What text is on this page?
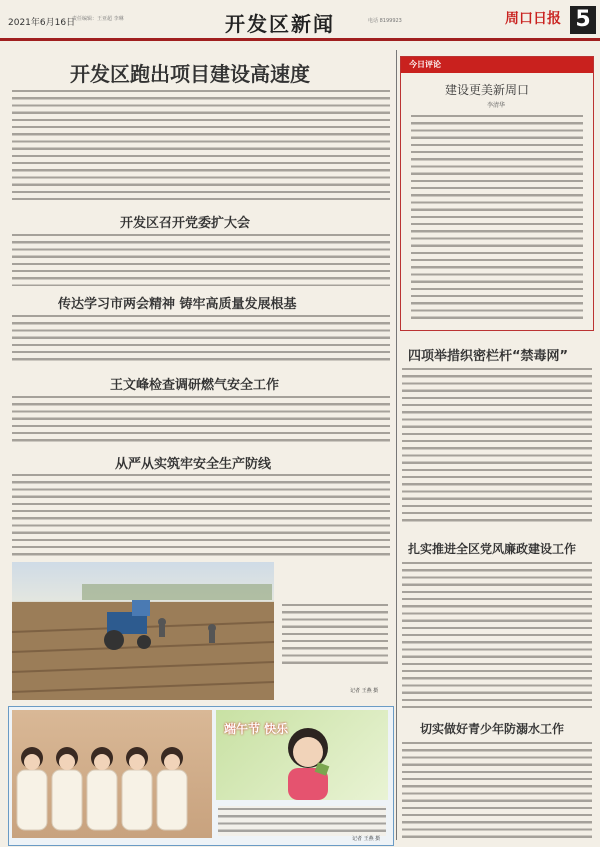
2021年6月16日
责任编辑：王亚超 李琳	开发区新闻	电话 8199923	周口日报 5
开发区跑出项目建设高速度
开发区召开党委扩大会
传达学习市两会精神 铸牢高质量发展根基
王文峰检查调研燃气安全工作
从严从实筑牢安全生产防线
记者 王燕 摄
端午节 快乐
记者 王燕 摄
今日评论
建设更美新周口
李清华
四项举措织密栏杆“禁毒网”
扎实推进全区党风廉政建设工作
切实做好青少年防溺水工作
